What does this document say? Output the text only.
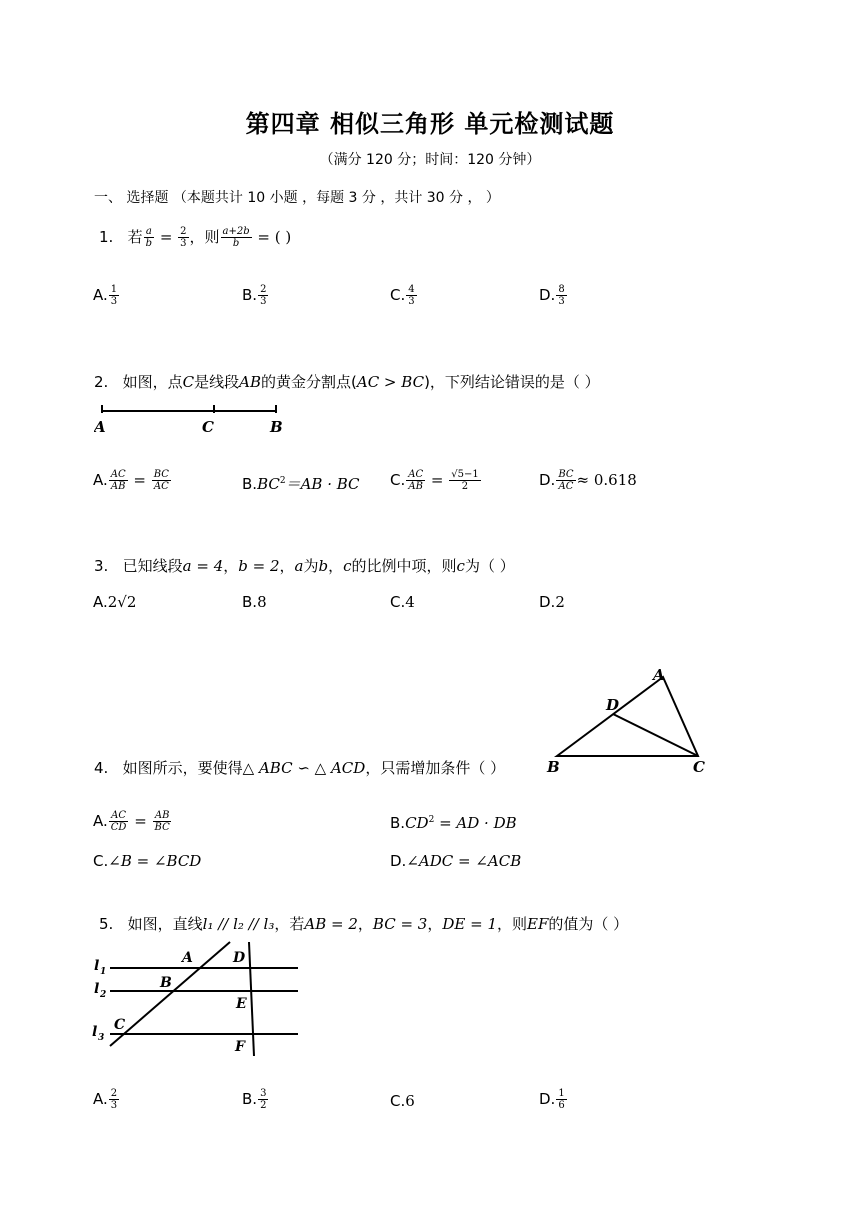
第四章 相似三角形 单元检测试题
（满分 120 分；时间：120 分钟）
一、 选择题 （本题共计 10 小题 ，每题 3 分 ，共计 30 分 ， ）
1. 若 $\frac{a}{b} = \frac{2}{3}$ ，则 $\frac{a+2b}{b}$ = ( )
A. $\frac{1}{3}$	B. $\frac{2}{3}$	C. $\frac{4}{3}$	D. $\frac{8}{3}$
2. 如图，点C是线段AB的黄金分割点(AC > BC)，下列结论错误的是（ ）
A	C	B
A. $\frac{AC}{AB} = \frac{BC}{AC}$	$B.BC^2=AB$ · BC C. $\frac{AC}{AB} = \frac{√5-1}{2}$	D. $\frac{BC}{AC} \approx 0.618$
3. 已知线段a = 4，b = 2，a为b，c的比例中项，则c为（ ）
A.2√2	B.8	C.4	D.2
A
D
B	C
4. 如图所示，要使得△ ABC ∽ △ ACD，只需增加条件（ ）
A. $\frac{AC}{CD} = \frac{AB}{BC}$	$B.CD^2$ = AD · DB
C.∠B = ∠BCD	D.∠ADC = ∠ACB
5. 如图，直线l₁ // l₂ // l₃，若AB = 2，BC = 3，DE = 1，则EF的值为（ ）
l 1
l 2
l 3
A
B
C
D
E
F
A. $\frac{2}{3}$	B. $\frac{3}{2}$	C.6	D. $\frac{1}{6}$
